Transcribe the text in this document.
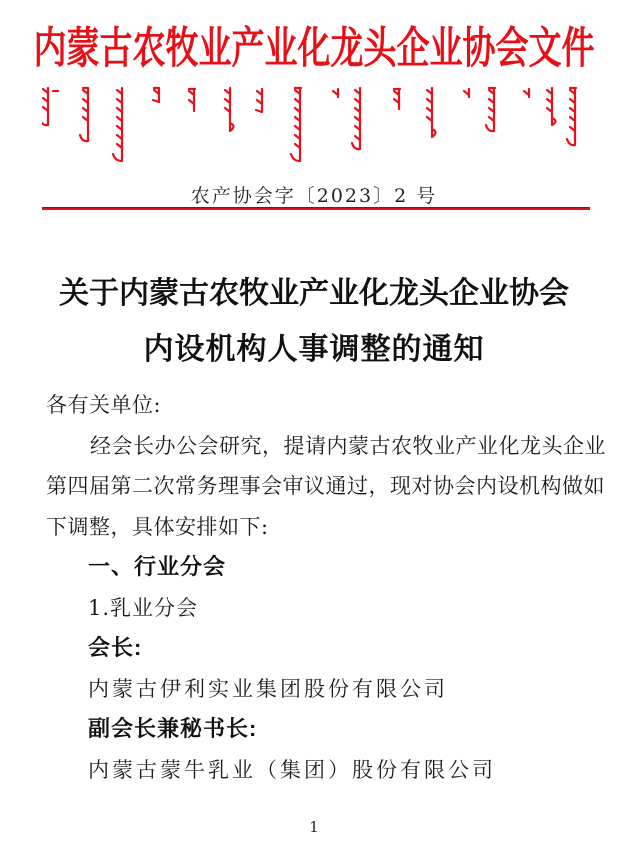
内蒙古农牧业产业化龙头企业协会文件
农产协会字〔2023〕2 号
关于内蒙古农牧业产业化龙头企业协会
内设机构人事调整的通知
各有关单位:
经会长办公会研究，提请内蒙古农牧业产业化龙头企业
第四届第二次常务理事会审议通过，现对协会内设机构做如
下调整，具体安排如下:
一、行业分会
1.乳业分会
会长:
内蒙古伊利实业集团股份有限公司
副会长兼秘书长:
内蒙古蒙牛乳业（集团）股份有限公司
1
